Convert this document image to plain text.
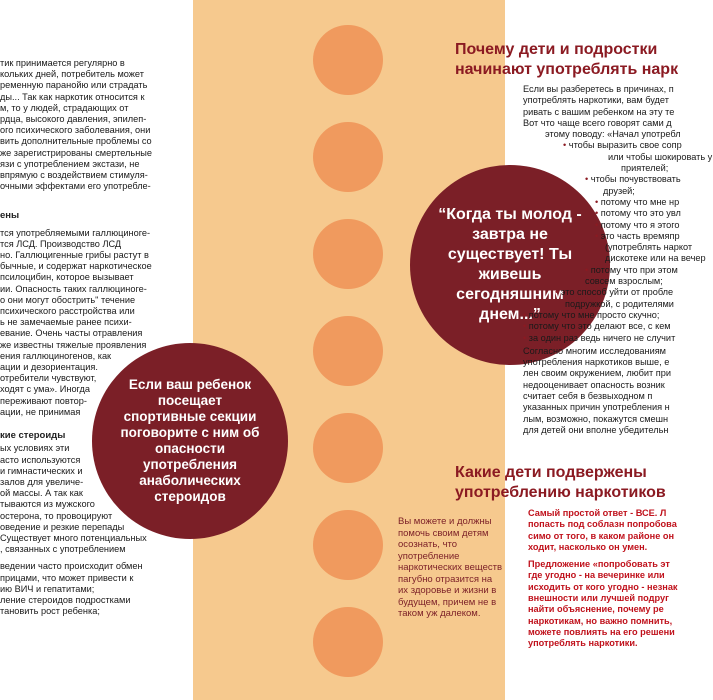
тик принимается регулярно в

кольких дней, потребитель может

ременную паранойю или страдать

ды... Так как наркотик относится к

м, то у людей, страдающих от

рдца, высокого давления, эпилеп-

ого психического заболевания, они

вить дополнительные проблемы со

же зарегистрированы смертельные

язи с употреблением экстази, не

впрямую с воздействием стимуля-

очными эффектами его употребле-

ены

тся употребляемыми галлюциноге-

тся ЛСД. Производство ЛСД

но. Галлюцигенные грибы растут в

бычные, и содержат наркотическое

псилоцибин, которое вызывает

ии. Опасность таких галлюциноге-

о они могут обострить" течение

психического расстройства или

ь не замечаемые ранее психи-

евание. Очень часты отравления

же известны тяжелые проявления

ения галлюциногенов, как

ации и дезориентация.

отребители чувствуют,

ходят с ума». Иногда

переживают повтор-

ации, не принимая

кие стероиды

ых условиях эти

асто используются

и гимнастических и

залов для увеличе-

ой массы. А так как

тываются из мужского

остерона, то провоцируют

оведение и резкие перепады

Существует много потенциальных

, связанных с употреблением

ведении часто происходит обмен

прицами, что может привести к

ию ВИЧ и гепатитами;

ление стероидов подростками

тановить рост ребенка;

Если ваш ребенок посещает спортивные секции поговорите с ним об опасности употребления анаболических стероидов
“Когда ты молод - завтра не существует! Ты живешь сегодняшним днем...”
Вы можете и должны помочь своим детям осознать, что употребление наркотических веществ пагубно отразится на их здоровье и жизни в будущем, причем не в таком уж далеком.
Почему дети и подростки
начинают употреблять нарк

Если вы разберетесь в причинах, п

употреблять наркотики, вам будет

ривать с вашим ребенком на эту те

Вот что чаще всего говорят сами д

этому поводу: «Начал употребл

• чтобы выразить свое сопр

или чтобы шокировать у

приятелей;

• чтобы почувствовать

друзей;

• потому что мне нр

• потому что это увл

• потому что я этого

• это часть времяпр

(употреблять наркот

дискотеке или на вечер

• потому что при этом

совсем взрослым;

• это способ уйти от пробле

подружкой, с родителями

• потому что мне просто скучно;

• потому что это делают все, с кем

• за один раз ведь ничего не случит

Согласно многим исследованиям

употребления наркотиков выше, е

лен своим окружением, любит при

недооценивает опасность возник

считает себя в безвыходном п

указанных причин употребления н

лым, возможно, покажутся смешн

для детей они вполне убедительн

Какие дети подвержены
употреблению наркотиков

Самый простой ответ - ВСЕ. Л
попасть под соблазн попробова
симо от того, в каком районе он
ходит, насколько он умен.

Предложение «попробовать эт
где угодно - на вечеринке или
исходить от кого угодно - незнак
внешности или лучшей подруг
найти объяснение, почему ре
наркотикам, но важно помнить,
можете повлиять на его решени
употреблять наркотики.
